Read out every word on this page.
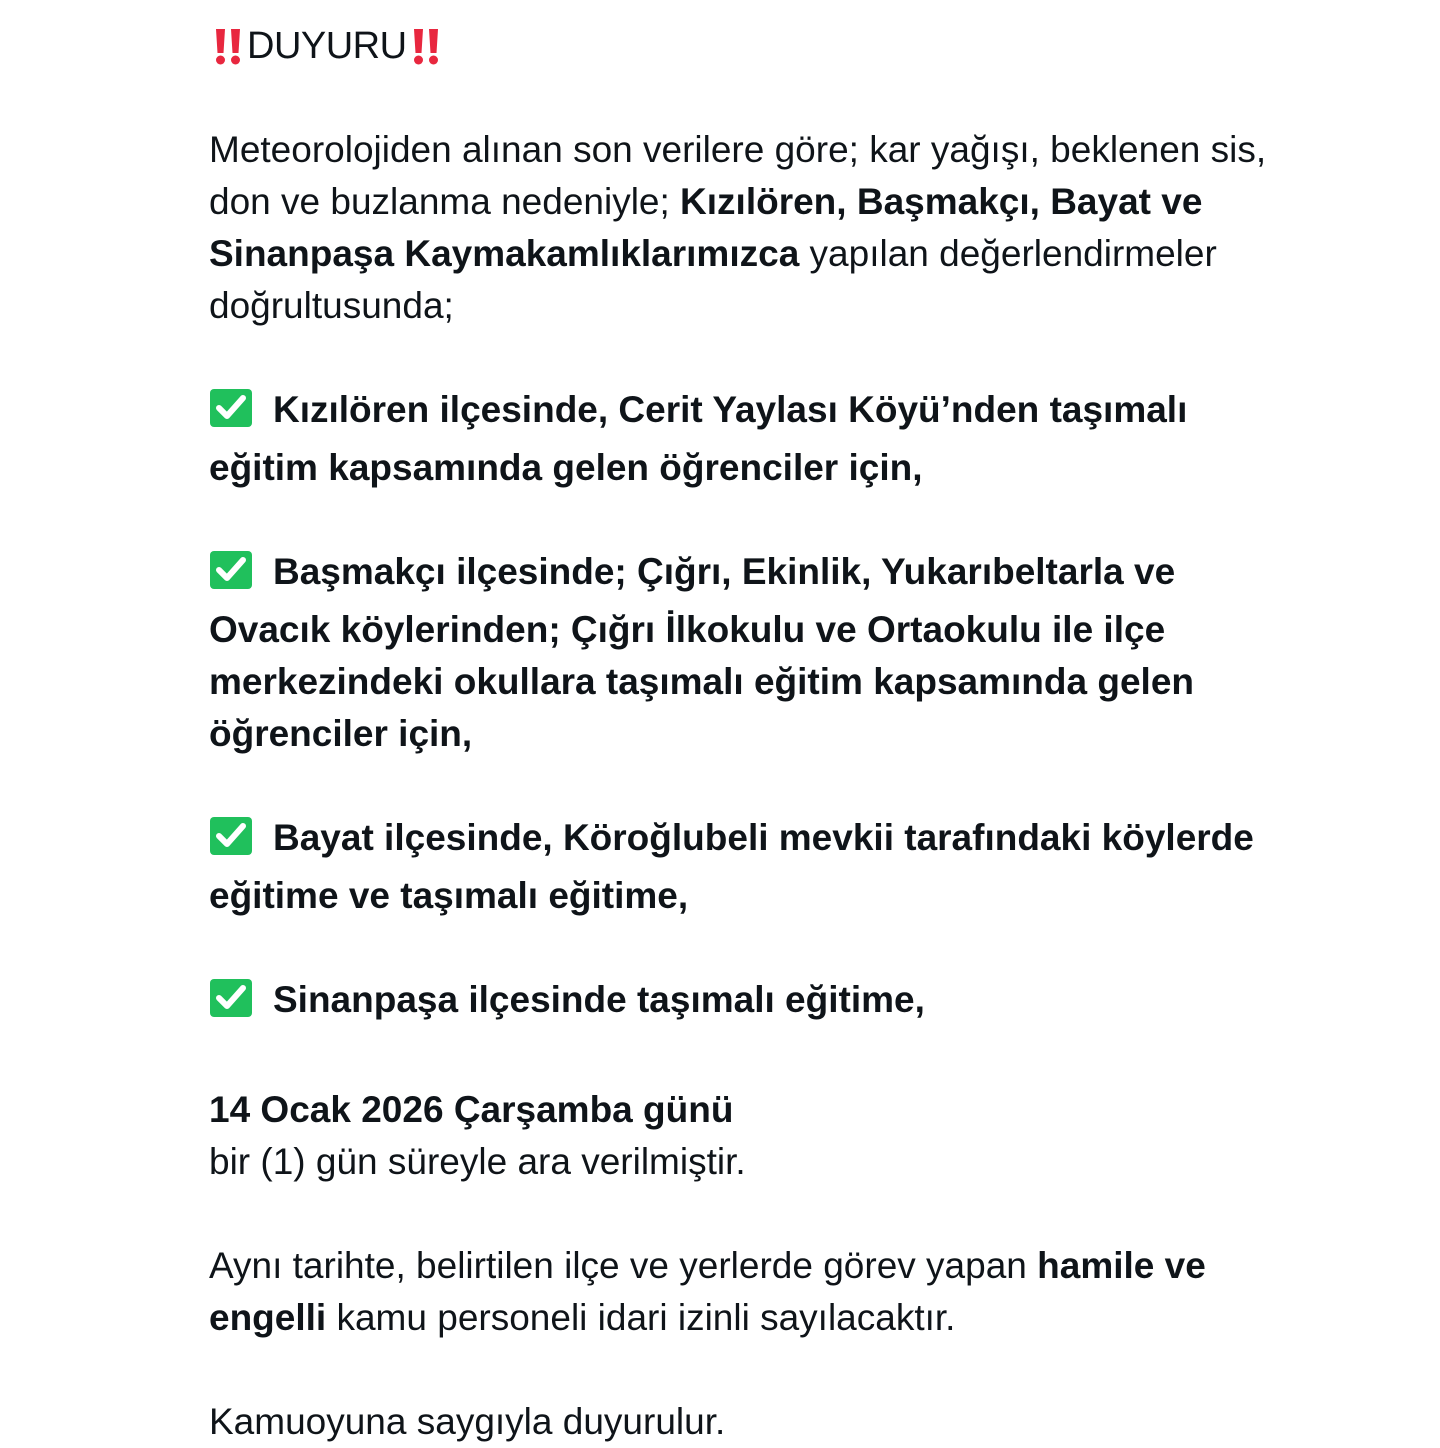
DUYURU

Meteorolojiden alınan son verilere göre; kar yağışı, beklenen sis, don ve buzlanma nedeniyle; Kızılören, Başmakçı, Bayat ve Sinanpaşa Kaymakamlıklarımızca yapılan değerlendirmeler doğrultusunda;

Kızılören ilçesinde, Cerit Yaylası Köyü’nden taşımalı eğitim kapsamında gelen öğrenciler için,

Başmakçı ilçesinde; Çığrı, Ekinlik, Yukarıbeltarla ve Ovacık köylerinden; Çığrı İlkokulu ve Ortaokulu ile ilçe merkezindeki okullara taşımalı eğitim kapsamında gelen öğrenciler için,

Bayat ilçesinde, Köroğlubeli mevkii tarafındaki köylerde eğitime ve taşımalı eğitime,

Sinanpaşa ilçesinde taşımalı eğitime,

14 Ocak 2026 Çarşamba günü

bir (1) gün süreyle ara verilmiştir.

Aynı tarihte, belirtilen ilçe ve yerlerde görev yapan hamile ve engelli kamu personeli idari izinli sayılacaktır.

Kamuoyuna saygıyla duyurulur.
